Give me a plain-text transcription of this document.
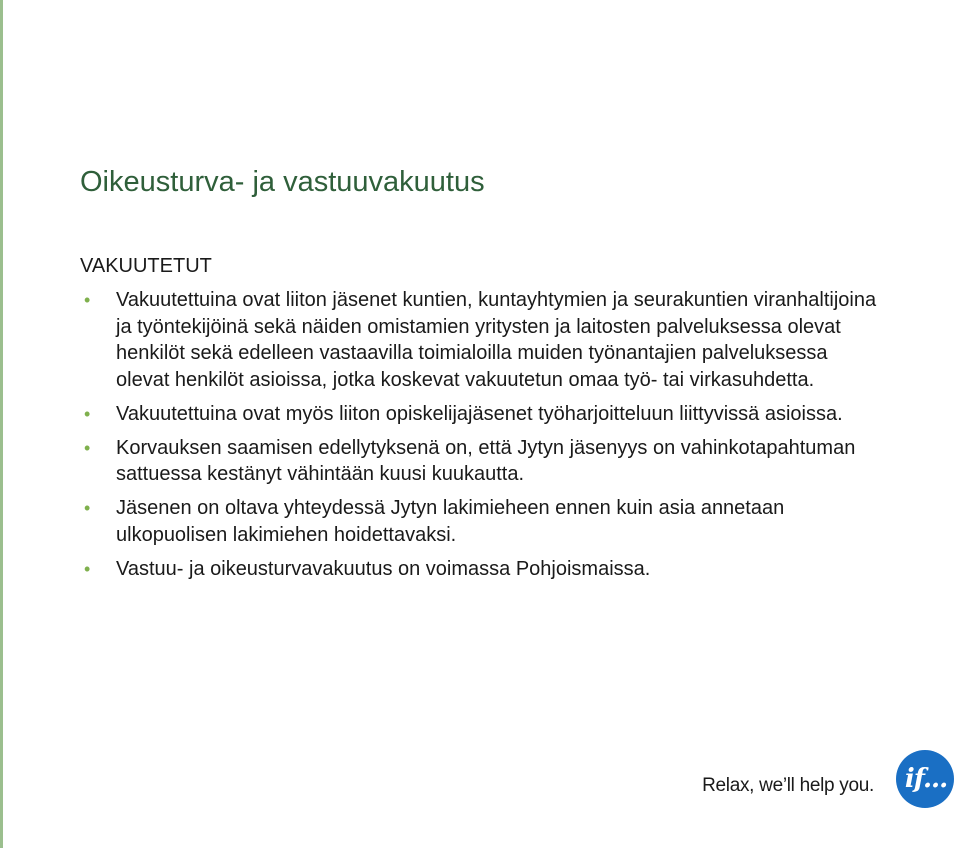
Oikeusturva- ja vastuuvakuutus
VAKUUTETUT
• Vakuutettuina ovat liiton jäsenet kuntien, kuntayhtymien ja seurakuntien viranhaltijoina ja työntekijöinä sekä näiden omistamien yritysten ja laitosten palveluksessa olevat henkilöt sekä edelleen vastaavilla toimialoilla muiden työnantajien palveluksessa olevat henkilöt asioissa, jotka koskevat vakuutetun omaa työ- tai virkasuhdetta.
• Vakuutettuina ovat myös liiton opiskelijajäsenet työharjoitteluun liittyvissä asioissa.
• Korvauksen saamisen edellytyksenä on, että Jytyn jäsenyys on vahinkotapahtuman sattuessa kestänyt vähintään kuusi kuukautta.
• Jäsenen on oltava yhteydessä Jytyn lakimieheen ennen kuin asia annetaan ulkopuolisen lakimiehen hoidettavaksi.
• Vastuu- ja oikeusturvavakuutus on voimassa Pohjoismaissa.
Relax, we’ll help you. if...
